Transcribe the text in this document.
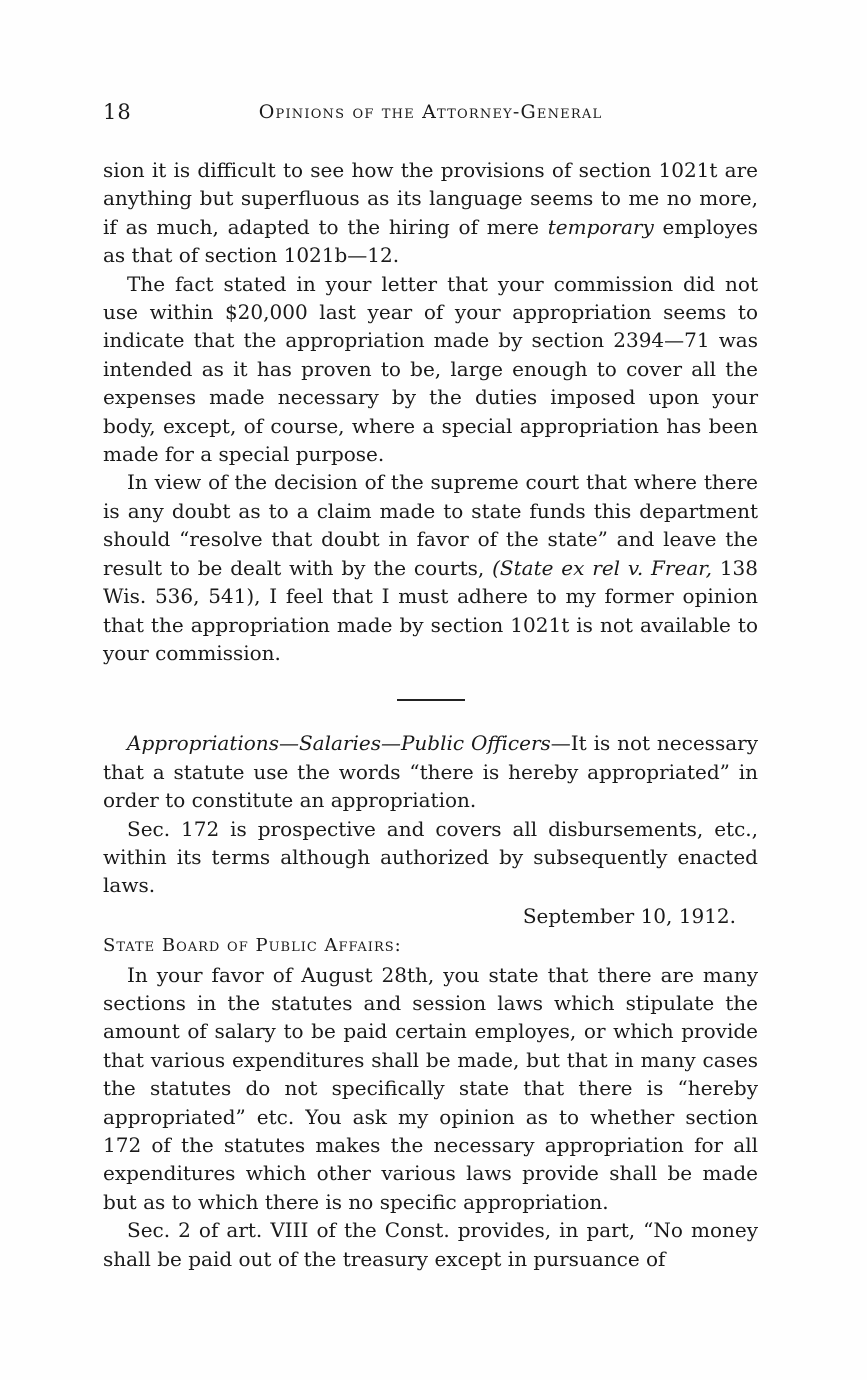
18	Opinions of the Attorney-General

sion it is difficult to see how the provisions of section 1021t are anything but superfluous as its language seems to me no more, if as much, adapted to the hiring of mere temporary employes as that of section 1021b—12.

The fact stated in your letter that your commission did not use within $20,000 last year of your appropriation seems to indicate that the appropriation made by section 2394—71 was intended as it has proven to be, large enough to cover all the expenses made necessary by the duties imposed upon your body, except, of course, where a special appropriation has been made for a special purpose.

In view of the decision of the supreme court that where there is any doubt as to a claim made to state funds this department should “resolve that doubt in favor of the state” and leave the result to be dealt with by the courts, (State ex rel v. Frear, 138 Wis. 536, 541), I feel that I must adhere to my former opinion that the appropriation made by section 1021t is not available to your commission.

Appropriations—Salaries—Public Officers—It is not necessary that a statute use the words “there is hereby appropriated” in order to constitute an appropriation.

Sec. 172 is prospective and covers all disbursements, etc., within its terms although authorized by subsequently enacted laws.

September 10, 1912.

State Board of Public Affairs:

In your favor of August 28th, you state that there are many sections in the statutes and session laws which stipulate the amount of salary to be paid certain employes, or which provide that various expenditures shall be made, but that in many cases the statutes do not specifically state that there is “hereby appropriated” etc. You ask my opinion as to whether section 172 of the statutes makes the necessary appropriation for all expenditures which other various laws provide shall be made but as to which there is no specific appropriation.

Sec. 2 of art. VIII of the Const. provides, in part, “No money shall be paid out of the treasury except in pursuance of
